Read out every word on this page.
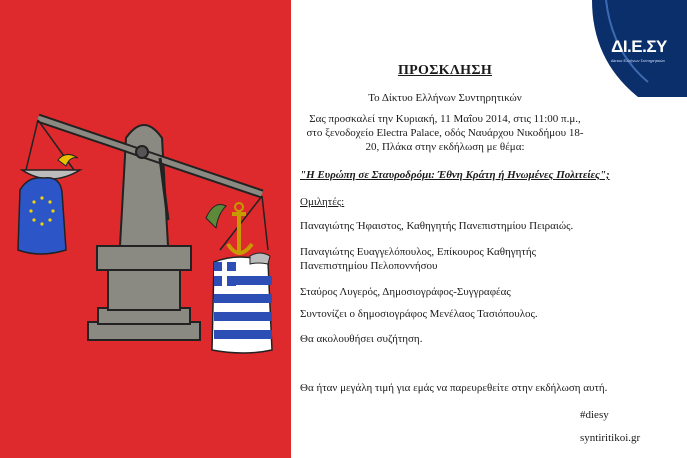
ΔΙ.Ε.ΣΥ
Δίκτυο Ελλήνων Συντηρητικών
ΠΡΟΣΚΛΗΣΗ
Το Δίκτυο Ελλήνων Συντηρητικών
Σας προσκαλεί την Κυριακή, 11 Μαΐου 2014, στις 11:00 π.μ., στο ξενοδοχείο Electra Palace, οδός Ναυάρχου Νικοδήμου 18-20, Πλάκα στην εκδήλωση με θέμα:
"Η Ευρώπη σε Σταυροδρόμι: Έθνη Κράτη ή Ηνωμένες Πολιτείες";
Ομιλητές:
Παναγιώτης Ήφαιστος, Καθηγητής Πανεπιστημίου Πειραιώς.
Παναγιώτης Ευαγγελόπουλος, Επίκουρος Καθηγητής Πανεπιστημίου Πελοποννήσου
Σταύρος Λυγερός, Δημοσιογράφος-Συγγραφέας
Συντονίζει ο δημοσιογράφος Μενέλαος Τασιόπουλος.
Θα ακολουθήσει συζήτηση.
Θα ήταν μεγάλη τιμή για εμάς να παρευρεθείτε στην εκδήλωση αυτή.
#diesy
syntiritikoi.gr
